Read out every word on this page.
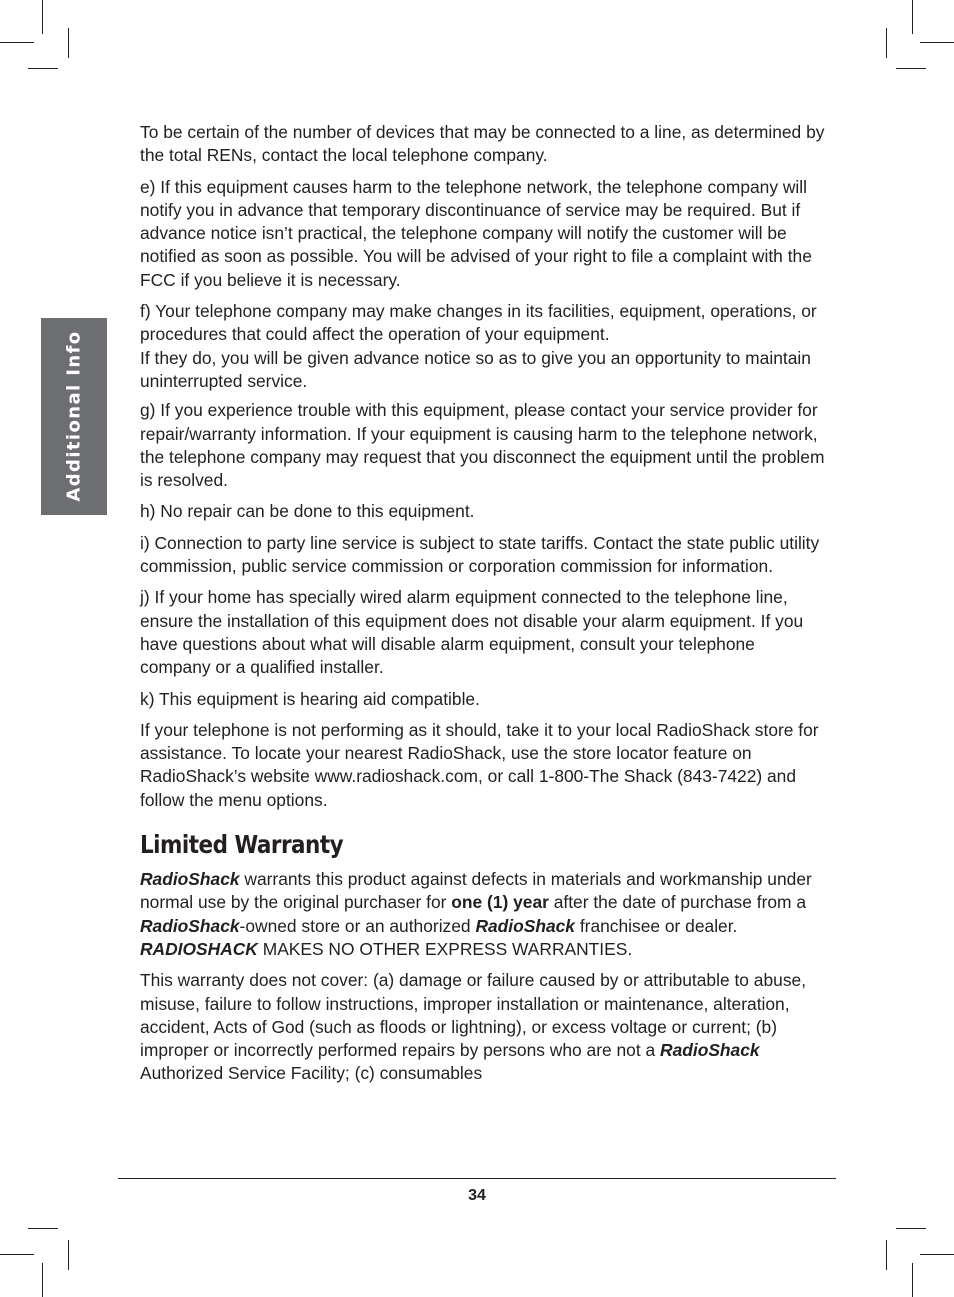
Additional Info

To be certain of the number of devices that may be connected to a line, as determined by the total RENs, contact the local telephone company.

e) If this equipment causes harm to the telephone network, the telephone company will notify you in advance that temporary discontinuance of service may be required. But if advance notice isn’t practical, the telephone company will notify the customer will be notified as soon as possible. You will be advised of your right to file a complaint with the FCC if you believe it is necessary.

f) Your telephone company may make changes in its facilities, equipment, operations, or procedures that could affect the operation of your equipment.
If they do, you will be given advance notice so as to give you an opportunity to maintain uninterrupted service.

g) If you experience trouble with this equipment, please contact your service provider for repair/warranty information. If your equipment is causing harm to the telephone network, the telephone company may request that you disconnect the equipment until the problem is resolved.

h) No repair can be done to this equipment.

i) Connection to party line service is subject to state tariffs. Contact the state public utility commission, public service commission or corporation commission for information.

j) If your home has specially wired alarm equipment connected to the telephone line, ensure the installation of this equipment does not disable your alarm equipment. If you have questions about what will disable alarm equipment, consult your telephone company or a qualified installer.

k) This equipment is hearing aid compatible.

If your telephone is not performing as it should, take it to your local RadioShack store for assistance. To locate your nearest RadioShack, use the store locator feature on RadioShack’s website www.radioshack.com, or call 1-800-The Shack (843-7422) and follow the menu options.

Limited Warranty

RadioShack warrants this product against defects in materials and workmanship under normal use by the original purchaser for one (1) year after the date of purchase from a RadioShack-owned store or an authorized RadioShack franchisee or dealer. RADIOSHACK MAKES NO OTHER EXPRESS WARRANTIES.

This warranty does not cover: (a) damage or failure caused by or attributable to abuse, misuse, failure to follow instructions, improper installation or maintenance, alteration, accident, Acts of God (such as floods or lightning), or excess voltage or current; (b) improper or incorrectly performed repairs by persons who are not a RadioShack Authorized Service Facility; (c) consumables

34
